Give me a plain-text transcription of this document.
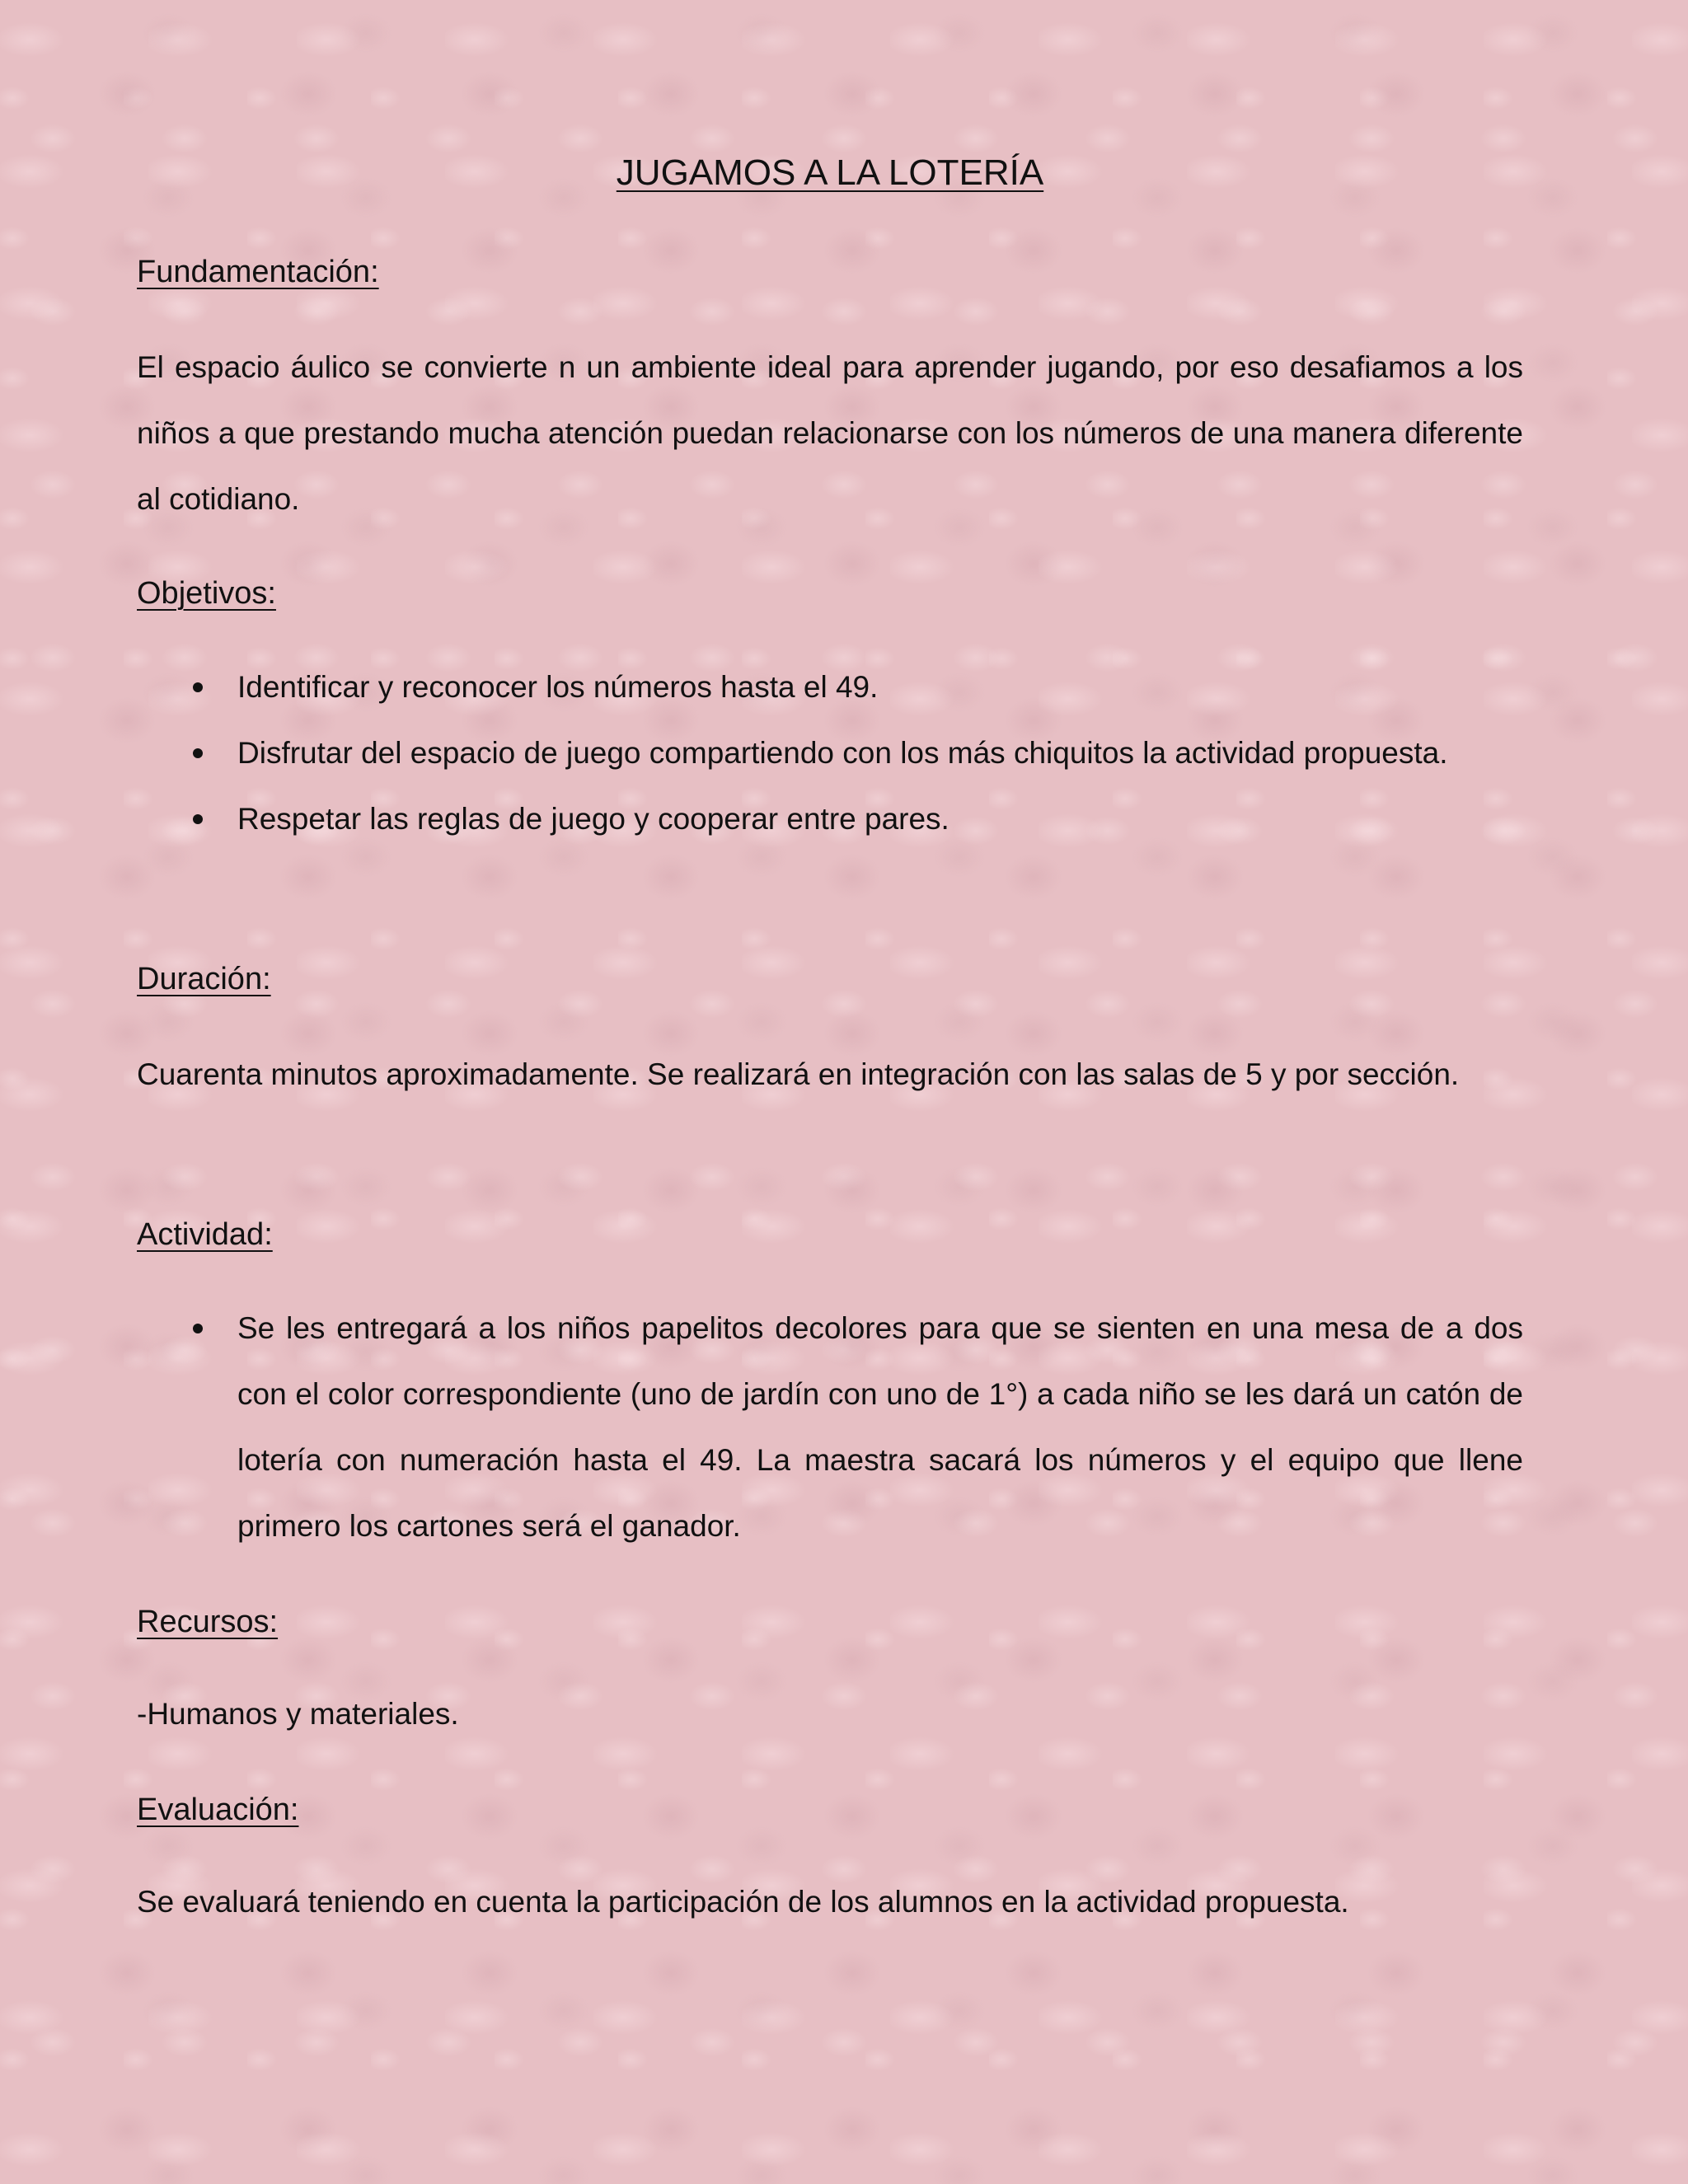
JUGAMOS A LA LOTERÍA
Fundamentación:

El espacio áulico se convierte n un ambiente ideal para aprender jugando, por eso desafiamos a los niños a que prestando mucha atención puedan relacionarse con los números de una manera diferente al cotidiano.

Objetivos:
Identificar y reconocer los números hasta el 49.
Disfrutar del espacio de juego compartiendo con los más chiquitos la actividad propuesta.
Respetar las reglas de juego y cooperar entre pares.
Duración:

Cuarenta minutos aproximadamente. Se realizará en integración con las salas de 5 y por sección.

Actividad:
Se les entregará a los niños papelitos decolores para que se sienten en una mesa de a dos con el color correspondiente (uno de jardín con uno de 1°) a cada niño se les dará un catón de lotería con numeración hasta el 49. La maestra sacará los números y el equipo que llene primero los cartones será el ganador.
Recursos:

-Humanos y materiales.

Evaluación:

Se evaluará teniendo en cuenta la participación de los alumnos en la actividad propuesta.
